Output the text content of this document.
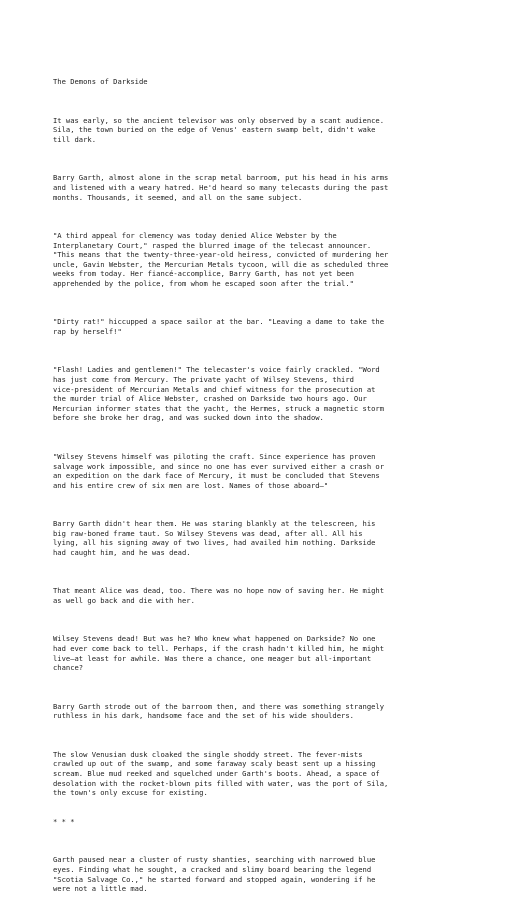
The Demons of Darkside

It was early, so the ancient televisor was only observed by a scant audience.
Sila, the town buried on the edge of Venus' eastern swamp belt, didn't wake
till dark.

Barry Garth, almost alone in the scrap metal barroom, put his head in his arms
and listened with a weary hatred. He'd heard so many telecasts during the past
months. Thousands, it seemed, and all on the same subject.

"A third appeal for clemency was today denied Alice Webster by the
Interplanetary Court," rasped the blurred image of the telecast announcer.
"This means that the twenty-three-year-old heiress, convicted of murdering her
uncle, Gavin Webster, the Mercurian Metals tycoon, will die as scheduled three
weeks from today. Her fiancé-accomplice, Barry Garth, has not yet been
apprehended by the police, from whom he escaped soon after the trial."

"Dirty rat!" hiccupped a space sailor at the bar. "Leaving a dame to take the
rap by herself!"

"Flash! Ladies and gentlemen!" The telecaster's voice fairly crackled. "Word
has just come from Mercury. The private yacht of Wilsey Stevens, third
vice-president of Mercurian Metals and chief witness for the prosecution at
the murder trial of Alice Webster, crashed on Darkside two hours ago. Our
Mercurian informer states that the yacht, the Hermes, struck a magnetic storm
before she broke her drag, and was sucked down into the shadow.

"Wilsey Stevens himself was piloting the craft. Since experience has proven
salvage work impossible, and since no one has ever survived either a crash or
an expedition on the dark face of Mercury, it must be concluded that Stevens
and his entire crew of six men are lost. Names of those aboard—"

Barry Garth didn't hear them. He was staring blankly at the telescreen, his
big raw-boned frame taut. So Wilsey Stevens was dead, after all. All his
lying, all his signing away of two lives, had availed him nothing. Darkside
had caught him, and he was dead.

That meant Alice was dead, too. There was no hope now of saving her. He might
as well go back and die with her.

Wilsey Stevens dead! But was he? Who knew what happened on Darkside? No one
had ever come back to tell. Perhaps, if the crash hadn't killed him, he might
live—at least for awhile. Was there a chance, one meager but all-important
chance?

Barry Garth strode out of the barroom then, and there was something strangely
ruthless in his dark, handsome face and the set of his wide shoulders.

The slow Venusian dusk cloaked the single shoddy street. The fever-mists
crawled up out of the swamp, and some faraway scaly beast sent up a hissing
scream. Blue mud reeked and squelched under Garth's boots. Ahead, a space of
desolation with the rocket-blown pits filled with water, was the port of Sila,
the town's only excuse for existing.

* * *

Garth paused near a cluster of rusty shanties, searching with narrowed blue
eyes. Finding what he sought, a cracked and slimy board bearing the legend
"Scotia Salvage Co.," he started forward and stopped again, wondering if he
were not a little mad.
